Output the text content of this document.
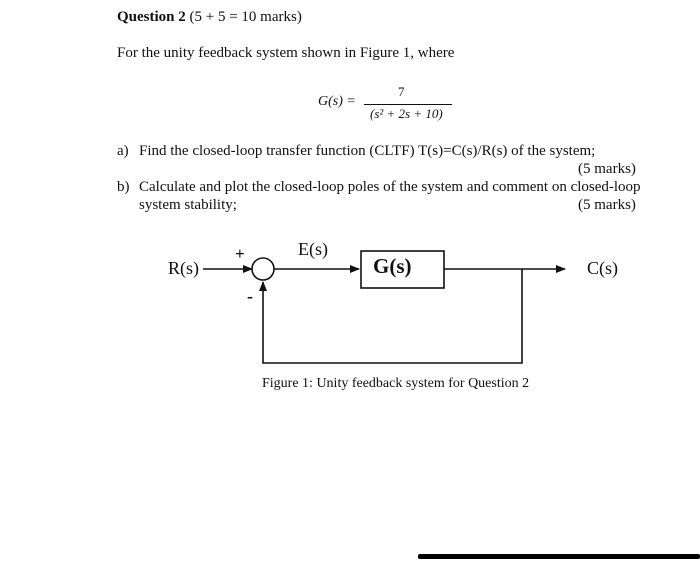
Question 2 (5 + 5 = 10 marks)
For the unity feedback system shown in Figure 1, where
G(s) =
7
(s² + 2s + 10)
a) Find the closed-loop transfer function (CLTF) T(s)=C(s)/R(s) of the system;
(5 marks)
b) Calculate and plot the closed-loop poles of the system and comment on closed-loop
system stability;	(5 marks)
R(s)
+
-
E(s)
G(s)	C(s)
Figure 1: Unity feedback system for Question 2
